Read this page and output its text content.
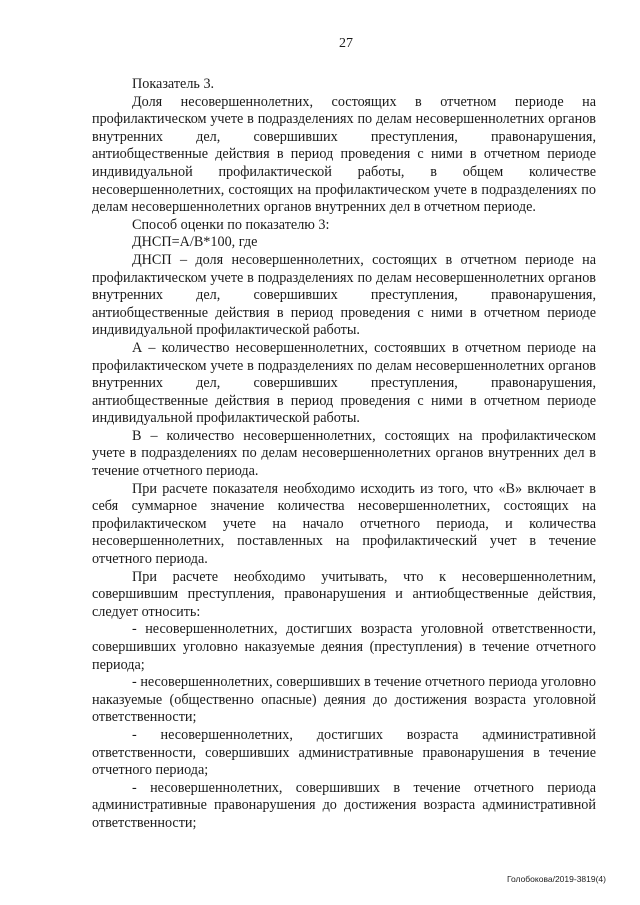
27

Показатель 3.

Доля несовершеннолетних, состоящих в отчетном периоде на профилактическом учете в подразделениях по делам несовершеннолетних органов внутренних дел, совершивших преступления, правонарушения, антиобщественные действия в период проведения с ними в отчетном периоде индивидуальной профилактической работы, в общем количестве несовершеннолетних, состоящих на профилактическом учете в подразделениях по делам несовершеннолетних органов внутренних дел в отчетном периоде.

Способ оценки по показателю 3:

ДНСП=А/В*100, где

ДНСП – доля несовершеннолетних, состоящих в отчетном периоде на профилактическом учете в подразделениях по делам несовершеннолетних органов внутренних дел, совершивших преступления, правонарушения, антиобщественные действия в период проведения с ними в отчетном периоде индивидуальной профилактической работы.

А – количество несовершеннолетних, состоявших в отчетном периоде на профилактическом учете в подразделениях по делам несовершеннолетних органов внутренних дел, совершивших преступления, правонарушения, антиобщественные действия в период проведения с ними в отчетном периоде индивидуальной профилактической работы.

В – количество несовершеннолетних, состоящих на профилактическом учете в подразделениях по делам несовершеннолетних органов внутренних дел в течение отчетного периода.

При расчете показателя необходимо исходить из того, что «В» включает в себя суммарное значение количества несовершеннолетних, состоящих на профилактическом учете на начало отчетного периода, и количества несовершеннолетних, поставленных на профилактический учет в течение отчетного периода.

При расчете необходимо учитывать, что к несовершеннолетним, совершившим преступления, правонарушения и антиобщественные действия, следует относить:

- несовершеннолетних, достигших возраста уголовной ответственности, совершивших уголовно наказуемые деяния (преступления) в течение отчетного периода;

- несовершеннолетних, совершивших в течение отчетного периода уголовно наказуемые (общественно опасные) деяния до достижения возраста уголовной ответственности;

- несовершеннолетних, достигших возраста административной ответственности, совершивших административные правонарушения в течение отчетного периода;

- несовершеннолетних, совершивших в течение отчетного периода административные правонарушения до достижения возраста административной ответственности;

Голобокова/2019-3819(4)
